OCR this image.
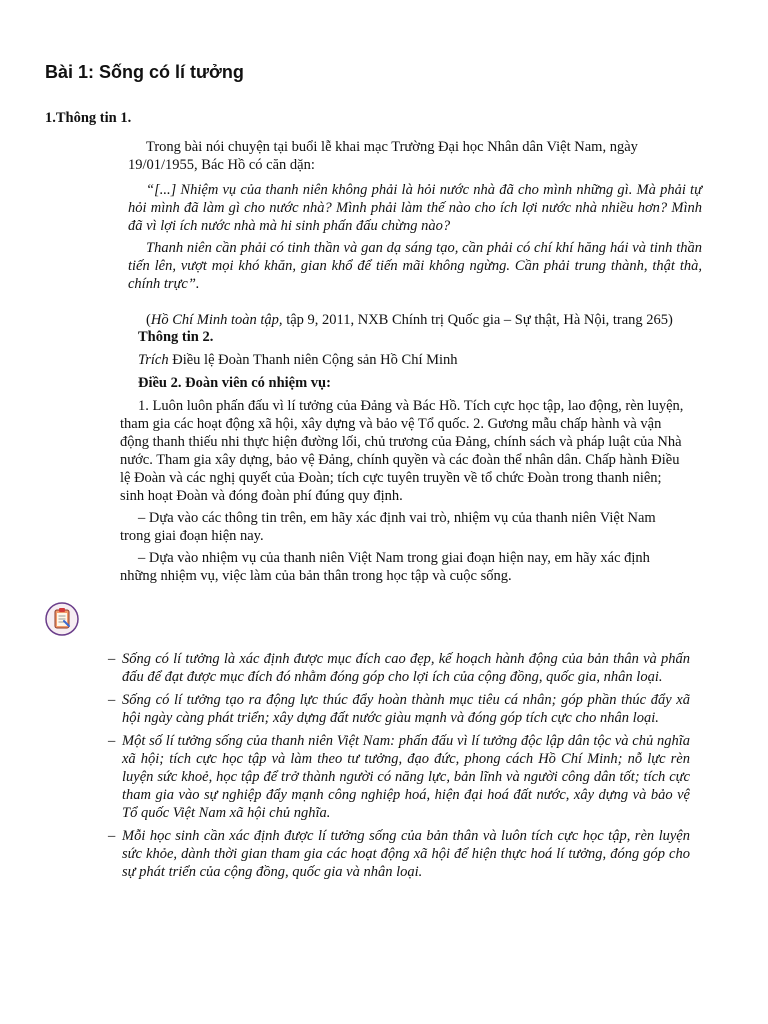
Bài 1: Sống có lí tưởng
1.Thông tin 1.

Trong bài nói chuyện tại buổi lễ khai mạc Trường Đại học Nhân dân Việt Nam, ngày 19/01/1955, Bác Hồ có căn dặn:

“[...] Nhiệm vụ của thanh niên không phải là hỏi nước nhà đã cho mình những gì. Mà phải tự hỏi mình đã làm gì cho nước nhà? Mình phải làm thế nào cho ích lợi nước nhà nhiều hơn? Mình đã vì lợi ích nước nhà mà hi sinh phấn đấu chừng nào?

Thanh niên cần phải có tinh thần và gan dạ sáng tạo, cần phải có chí khí hăng hái và tinh thần tiến lên, vượt mọi khó khăn, gian khổ để tiến mãi không ngừng. Cần phải trung thành, thật thà, chính trực”.

(Hồ Chí Minh toàn tập, tập 9, 2011, NXB Chính trị Quốc gia – Sự thật, Hà Nội, trang 265)

Thông tin 2.

Trích Điều lệ Đoàn Thanh niên Cộng sản Hồ Chí Minh

Điều 2. Đoàn viên có nhiệm vụ:

1. Luôn luôn phấn đấu vì lí tưởng của Đảng và Bác Hồ. Tích cực học tập, lao động, rèn luyện, tham gia các hoạt động xã hội, xây dựng và bảo vệ Tổ quốc. 2. Gương mẫu chấp hành và vận động thanh thiếu nhi thực hiện đường lối, chủ trương của Đảng, chính sách và pháp luật của Nhà nước. Tham gia xây dựng, bảo vệ Đảng, chính quyền và các đoàn thể nhân dân. Chấp hành Điều lệ Đoàn và các nghị quyết của Đoàn; tích cực tuyên truyền về tổ chức Đoàn trong thanh niên; sinh hoạt Đoàn và đóng đoàn phí đúng quy định.

– Dựa vào các thông tin trên, em hãy xác định vai trò, nhiệm vụ của thanh niên Việt Nam trong giai đoạn hiện nay.

– Dựa vào nhiệm vụ của thanh niên Việt Nam trong giai đoạn hiện nay, em hãy xác định những nhiệm vụ, việc làm của bản thân trong học tập và cuộc sống.

– Sống có lí tưởng là xác định được mục đích cao đẹp, kế hoạch hành động của bản thân và phấn đấu để đạt được mục đích đó nhằm đóng góp cho lợi ích của cộng đồng, quốc gia, nhân loại.
– Sống có lí tưởng tạo ra động lực thúc đẩy hoàn thành mục tiêu cá nhân; góp phần thúc đẩy xã hội ngày càng phát triển; xây dựng đất nước giàu mạnh và đóng góp tích cực cho nhân loại.
– Một số lí tưởng sống của thanh niên Việt Nam: phấn đấu vì lí tưởng độc lập dân tộc và chủ nghĩa xã hội; tích cực học tập và làm theo tư tưởng, đạo đức, phong cách Hồ Chí Minh; nỗ lực rèn luyện sức khoẻ, học tập để trở thành người có năng lực, bản lĩnh và người công dân tốt; tích cực tham gia vào sự nghiệp đẩy mạnh công nghiệp hoá, hiện đại hoá đất nước, xây dựng và bảo vệ Tổ quốc Việt Nam xã hội chủ nghĩa.
– Mỗi học sinh cần xác định được lí tưởng sống của bản thân và luôn tích cực học tập, rèn luyện sức khỏe, dành thời gian tham gia các hoạt động xã hội để hiện thực hoá lí tưởng, đóng góp cho sự phát triển của cộng đồng, quốc gia và nhân loại.
